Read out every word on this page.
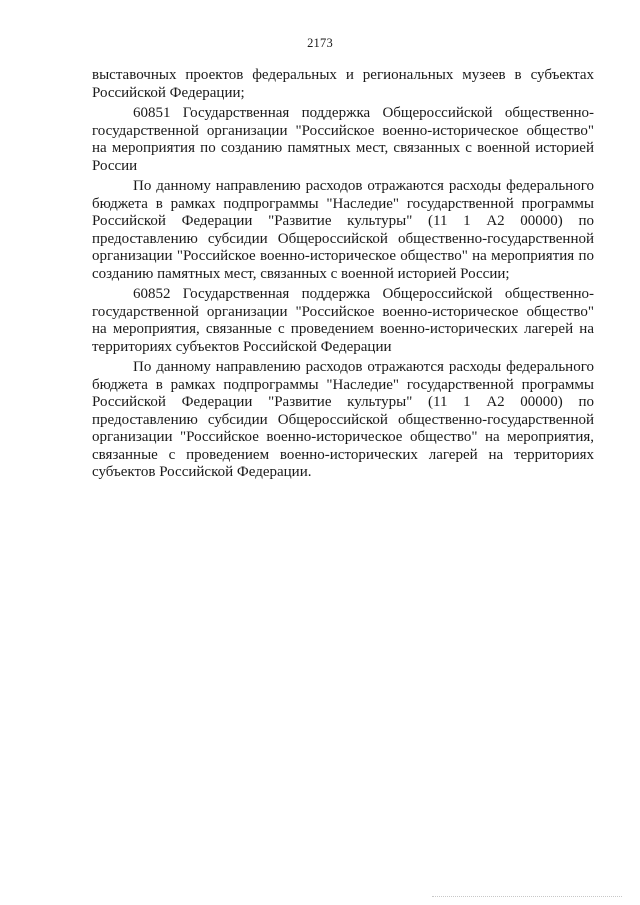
2173

выставочных проектов федеральных и региональных музеев в субъектах Российской Федерации;

60851 Государственная поддержка Общероссийской общественно-государственной организации "Российское военно-историческое общество" на мероприятия по созданию памятных мест, связанных с военной историей России

По данному направлению расходов отражаются расходы федерального бюджета в рамках подпрограммы "Наследие" государственной программы Российской Федерации "Развитие культуры" (11 1 А2 00000) по предоставлению субсидии Общероссийской общественно-государственной организации "Российское военно-историческое общество" на мероприятия по созданию памятных мест, связанных с военной историей России;

60852 Государственная поддержка Общероссийской общественно-государственной организации "Российское военно-историческое общество" на мероприятия, связанные с проведением военно-исторических лагерей на территориях субъектов Российской Федерации

По данному направлению расходов отражаются расходы федерального бюджета в рамках подпрограммы "Наследие" государственной программы Российской Федерации "Развитие культуры" (11 1 А2 00000) по предоставлению субсидии Общероссийской общественно-государственной организации "Российское военно-историческое общество" на мероприятия, связанные с проведением военно-исторических лагерей на территориях субъектов Российской Федерации.
